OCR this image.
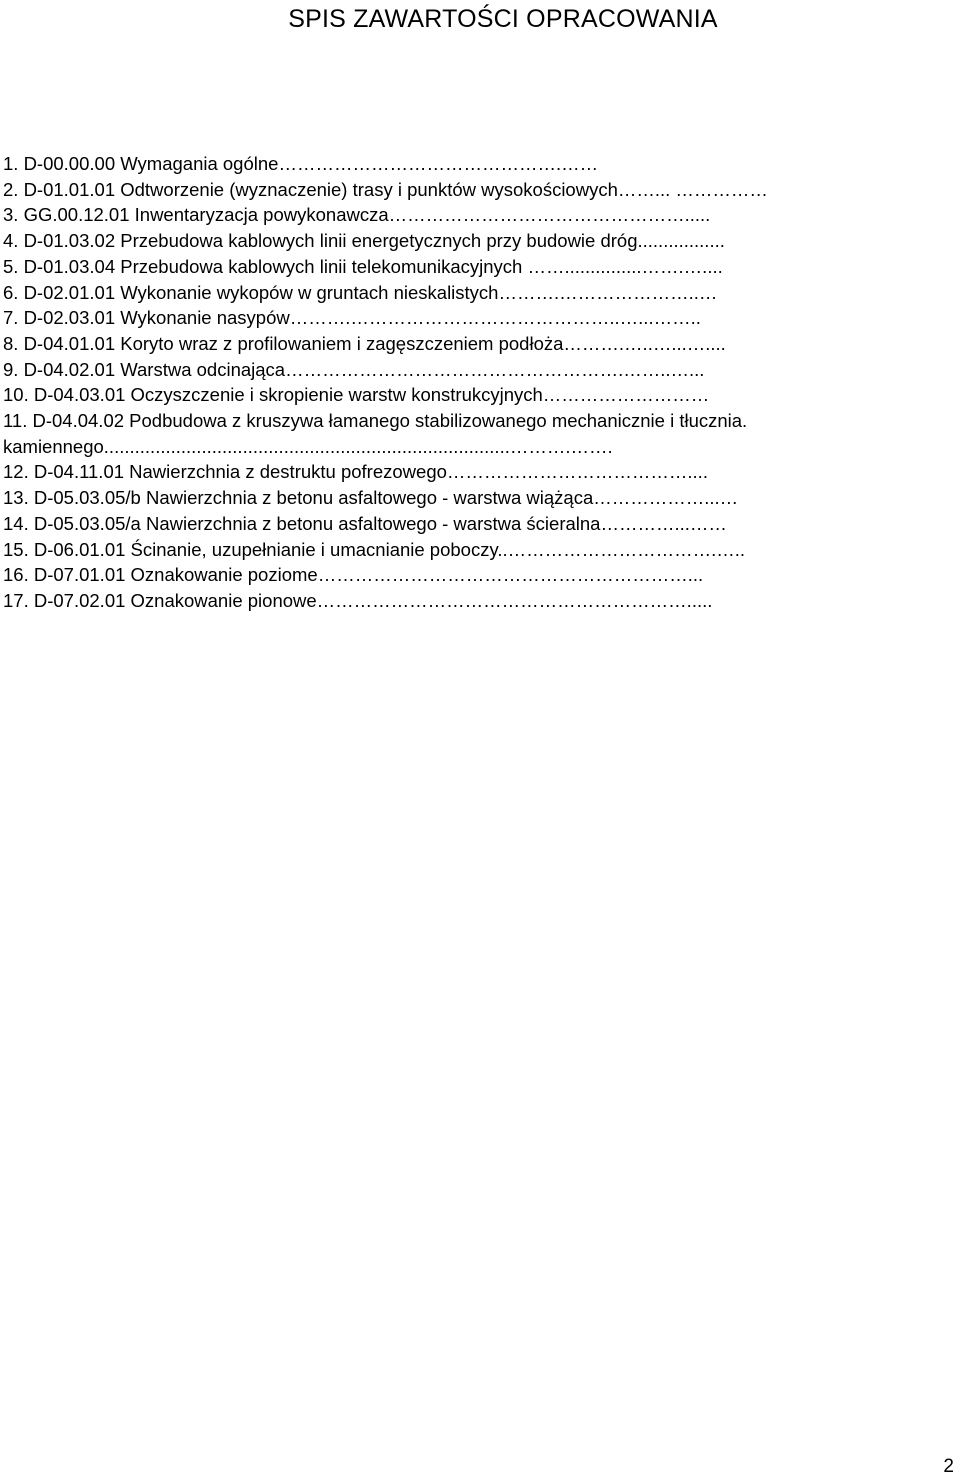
SPIS ZAWARTOŚCI OPRACOWANIA
1. D-00.00.00 Wymagania ogólne……………………………………….……
2. D-01.01.01 Odtworzenie (wyznaczenie) trasy i punktów wysokościowych……... ……………
3. GG.00.12.01 Inwentaryzacja powykonawcza………………………………………….....
4. D-01.03.02 Przebudowa kablowych linii energetycznych przy budowie dróg.................
5. D-01.03.04 Przebudowa kablowych linii telekomunikacyjnych ……...............…….…....
6. D-02.01.01 Wykonanie wykopów w gruntach nieskalistych……….…………………..…
7. D-02.03.01 Wykonanie nasypów……….……………………………………..…...……..
8. D-04.01.01 Koryto wraz z profilowaniem i zagęszczeniem podłoża……….…..…...…....
9. D-04.02.01 Warstwa odcinająca……………………………………………….……..…...
10. D-04.03.01 Oczyszczenie i skropienie warstw konstrukcyjnych………………………
11. D-04.04.02 Podbudowa z kruszywa łamanego stabilizowanego mechanicznie i tłucznia.
kamiennego...............................................................................……….…….
12. D-04.11.01 Nawierzchnia z destruktu pofrezowego…………………………………....
13. D-05.03.05/b Nawierzchnia z betonu asfaltowego - warstwa wiążąca………………...…
14. D-05.03.05/a Nawierzchnia z betonu asfaltowego - warstwa ścieralna…………...……
15. D-06.01.01 Ścinanie, uzupełnianie i umacnianie poboczy..…………………………….…..
16. D-07.01.01 Oznakowanie poziome……………………………………………………...
17. D-07.02.01 Oznakowanie pionowe…………………………………………………….....
2
